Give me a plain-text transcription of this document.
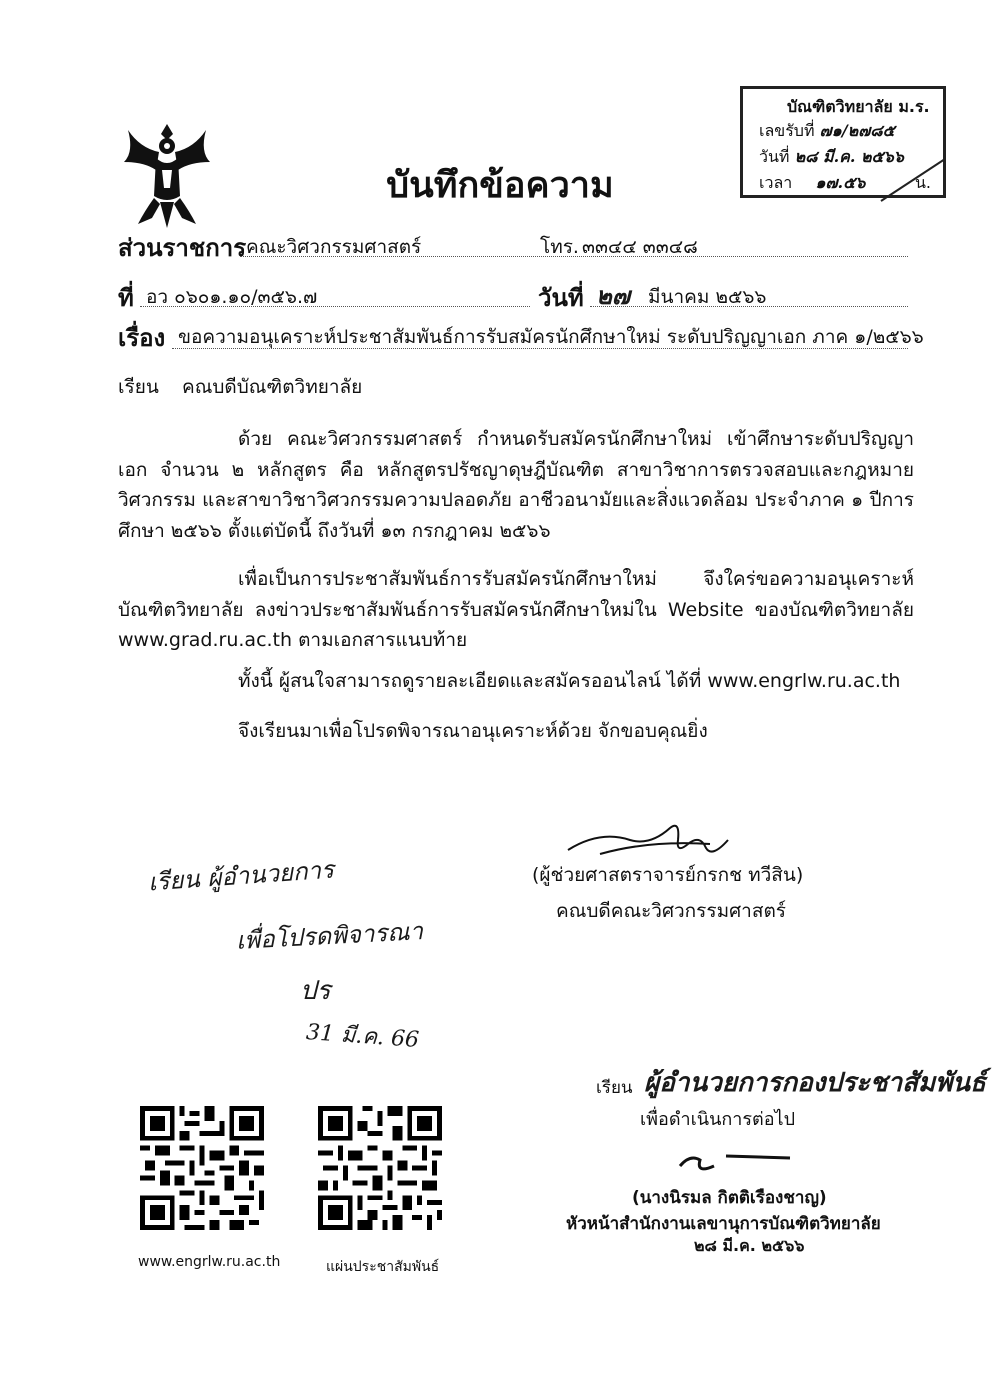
บัณฑิตวิทยาลัย ม.ร.
เลขรับที่ ๗๑/๒๗๘๕
วันที่ ๒๘ มี.ค. ๒๕๖๖
เวลา ๑๗.๕๖	น.
บันทึกข้อความ
ส่วนราชการ คณะวิศวกรรมศาสตร์	โทร. ๓๓๔๔ ๓๓๔๘
ที่ อว ๐๖๐๑.๑๐/๓๕๖.๗	วันที่ ๒๗ มีนาคม ๒๕๖๖
เรื่อง ขอความอนุเคราะห์ประชาสัมพันธ์การรับสมัครนักศึกษาใหม่ ระดับปริญญาเอก ภาค ๑/๒๕๖๖
เรียน คณบดีบัณฑิตวิทยาลัย
ด้วย คณะวิศวกรรมศาสตร์ กำหนดรับสมัครนักศึกษาใหม่ เข้าศึกษาระดับปริญญาเอก จำนวน ๒ หลักสูตร คือ หลักสูตรปรัชญาดุษฎีบัณฑิต สาขาวิชาการตรวจสอบและกฎหมายวิศวกรรม และสาขาวิชาวิศวกรรมความปลอดภัย อาชีวอนามัยและสิ่งแวดล้อม ประจำภาค ๑ ปีการศึกษา ๒๕๖๖ ตั้งแต่บัดนี้ ถึงวันที่ ๑๓ กรกฎาคม ๒๕๖๖
เพื่อเป็นการประชาสัมพันธ์การรับสมัครนักศึกษาใหม่ จึงใคร่ขอความอนุเคราะห์บัณฑิตวิทยาลัย ลงข่าวประชาสัมพันธ์การรับสมัครนักศึกษาใหม่ใน Website ของบัณฑิตวิทยาลัย www.grad.ru.ac.th ตามเอกสารแนบท้าย
ทั้งนี้ ผู้สนใจสามารถดูรายละเอียดและสมัครออนไลน์ ได้ที่ www.engrlw.ru.ac.th
จึงเรียนมาเพื่อโปรดพิจารณาอนุเคราะห์ด้วย จักขอบคุณยิ่ง
(ผู้ช่วยศาสตราจารย์กรกช ทวีสิน)
คณบดีคณะวิศวกรรมศาสตร์
เรียน ผู้อำนวยการ
เพื่อโปรดพิจารณา
ปร
31 มี.ค. 66
เรียน ผู้อำนวยการกองประชาสัมพันธ์
เพื่อดำเนินการต่อไป
(นางนิรมล กิตติเรืองชาญ)
หัวหน้าสำนักงานเลขานุการบัณฑิตวิทยาลัย
๒๘ มี.ค. ๒๕๖๖
www.engrlw.ru.ac.th	แผ่นประชาสัมพันธ์
